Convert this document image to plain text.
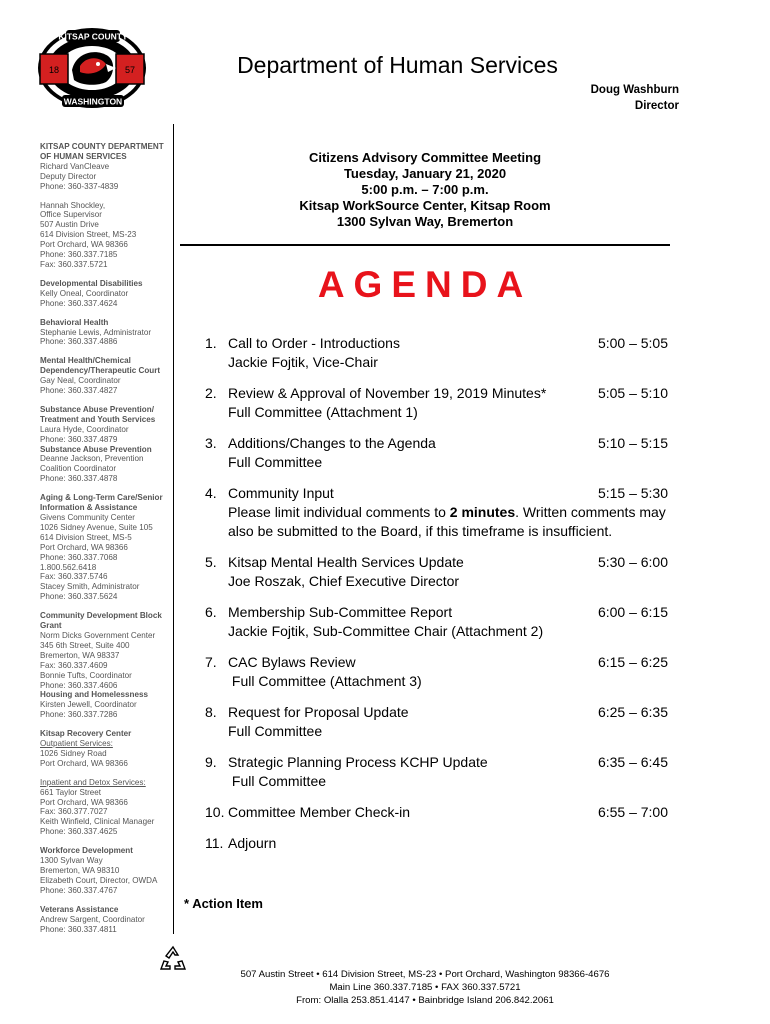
18	57
KITSAP COUNTY
WASHINGTON
Department of Human Services
Doug Washburn
Director
KITSAP COUNTY DEPARTMENT OF HUMAN SERVICES
Richard VanCleave
Deputy Director
Phone: 360-337-4839
Hannah Shockley,
Office Supervisor
507 Austin Drive
614 Division Street, MS-23
Port Orchard, WA 98366
Phone: 360.337.7185
Fax: 360.337.5721
Developmental Disabilities
Kelly Oneal, Coordinator
Phone: 360.337.4624
Behavioral Health
Stephanie Lewis, Administrator
Phone: 360.337.4886
Mental Health/Chemical Dependency/Therapeutic Court
Gay Neal, Coordinator
Phone: 360.337.4827
Substance Abuse Prevention/ Treatment and Youth Services
Laura Hyde, Coordinator
Phone: 360.337.4879
Substance Abuse Prevention
Deanne Jackson, Prevention
Coalition Coordinator
Phone: 360.337.4878
Aging & Long-Term Care/Senior Information & Assistance
Givens Community Center
1026 Sidney Avenue, Suite 105
614 Division Street, MS-5
Port Orchard, WA 98366
Phone: 360.337.7068
1.800.562.6418
Fax: 360.337.5746
Stacey Smith, Administrator
Phone: 360.337.5624
Community Development Block Grant
Norm Dicks Government Center
345 6th Street, Suite 400
Bremerton, WA 98337
Fax: 360.337.4609
Bonnie Tufts, Coordinator
Phone: 360.337.4606
Housing and Homelessness
Kirsten Jewell, Coordinator
Phone: 360.337.7286
Kitsap Recovery Center
Outpatient Services:
1026 Sidney Road
Port Orchard, WA 98366
Inpatient and Detox Services:
661 Taylor Street
Port Orchard, WA 98366
Fax: 360.377.7027
Keith Winfield, Clinical Manager
Phone: 360.337.4625
Workforce Development
1300 Sylvan Way
Bremerton, WA 98310
Elizabeth Court, Director, OWDA
Phone: 360.337.4767
Veterans Assistance
Andrew Sargent, Coordinator
Phone: 360.337.4811
Citizens Advisory Committee Meeting
Tuesday, January 21, 2020
5:00 p.m. – 7:00 p.m.
Kitsap WorkSource Center, Kitsap Room
1300 Sylvan Way, Bremerton
AGENDA
1. Call to Order - Introductions	5:00 – 5:05
Jackie Fojtik, Vice-Chair
2. Review & Approval of November 19, 2019 Minutes*	5:05 – 5:10
Full Committee (Attachment 1)
3. Additions/Changes to the Agenda	5:10 – 5:15
Full Committee
4. Community Input	5:15 – 5:30
Please limit individual comments to 2 minutes. Written comments may also be submitted to the Board, if this timeframe is insufficient.
5. Kitsap Mental Health Services Update	5:30 – 6:00
Joe Roszak, Chief Executive Director
6. Membership Sub-Committee Report	6:00 – 6:15
Jackie Fojtik, Sub-Committee Chair (Attachment 2)
7. CAC Bylaws Review	6:15 – 6:25
Full Committee (Attachment 3)
8. Request for Proposal Update	6:25 – 6:35
Full Committee
9. Strategic Planning Process KCHP Update	6:35 – 6:45
Full Committee
10. Committee Member Check-in	6:55 – 7:00
11. Adjourn
* Action Item
507 Austin Street • 614 Division Street, MS-23 • Port Orchard, Washington 98366-4676
Main Line 360.337.7185 • FAX 360.337.5721
From: Olalla 253.851.4147 • Bainbridge Island 206.842.2061
